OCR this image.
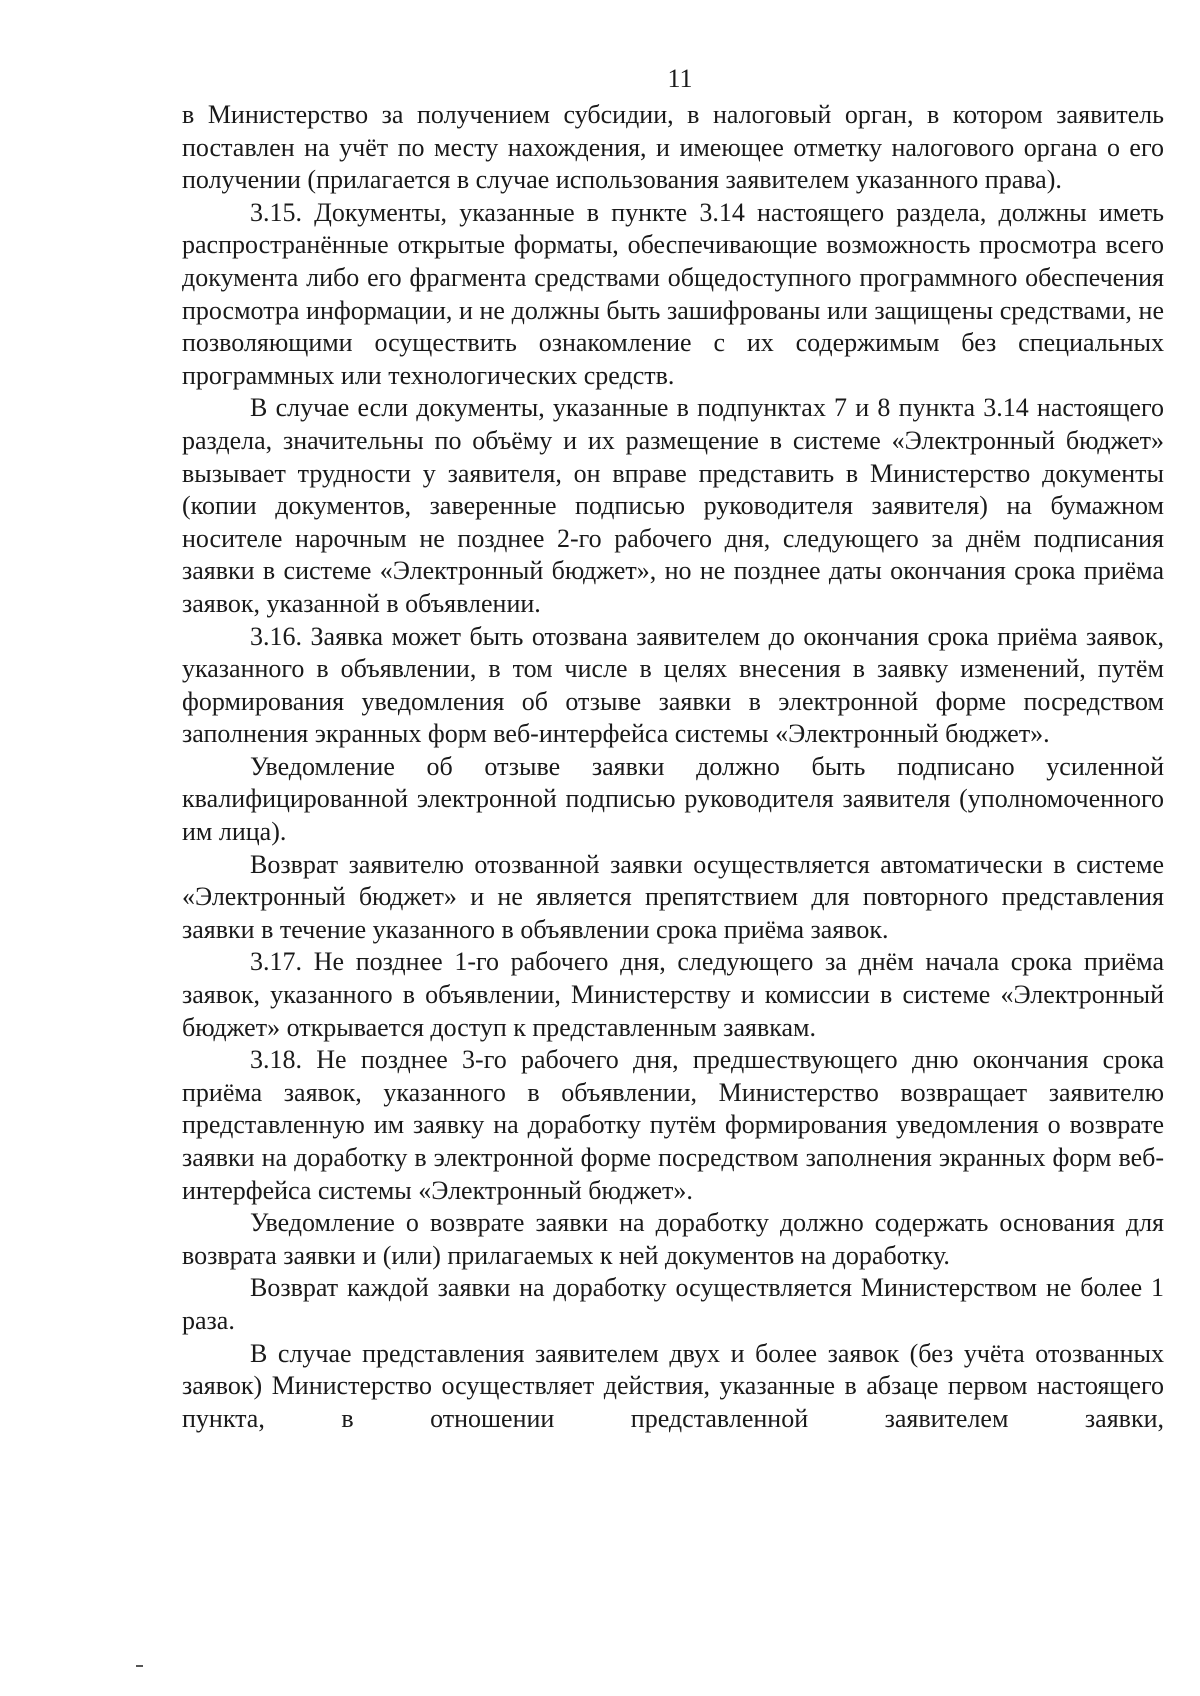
11

в Министерство за получением субсидии, в налоговый орган, в котором заявитель поставлен на учёт по месту нахождения, и имеющее отметку налогового органа о его получении (прилагается в случае использования заявителем указанного права).

3.15. Документы, указанные в пункте 3.14 настоящего раздела, должны иметь распространённые открытые форматы, обеспечивающие возможность просмотра всего документа либо его фрагмента средствами общедоступного программного обеспечения просмотра информации, и не должны быть зашифрованы или защищены средствами, не позволяющими осуществить ознакомление с их содержимым без специальных программных или технологических средств.

В случае если документы, указанные в подпунктах 7 и 8 пункта 3.14 настоящего раздела, значительны по объёму и их размещение в системе «Электронный бюджет» вызывает трудности у заявителя, он вправе представить в Министерство документы (копии документов, заверенные подписью руководителя заявителя) на бумажном носителе нарочным не позднее 2-го рабочего дня, следующего за днём подписания заявки в системе «Электронный бюджет», но не позднее даты окончания срока приёма заявок, указанной в объявлении.

3.16. Заявка может быть отозвана заявителем до окончания срока приёма заявок, указанного в объявлении, в том числе в целях внесения в заявку изменений, путём формирования уведомления об отзыве заявки в электронной форме посредством заполнения экранных форм веб-интерфейса системы «Электронный бюджет».

Уведомление об отзыве заявки должно быть подписано усиленной квалифицированной электронной подписью руководителя заявителя (уполномоченного им лица).

Возврат заявителю отозванной заявки осуществляется автоматически в системе «Электронный бюджет» и не является препятствием для повторного представления заявки в течение указанного в объявлении срока приёма заявок.

3.17. Не позднее 1-го рабочего дня, следующего за днём начала срока приёма заявок, указанного в объявлении, Министерству и комиссии в системе «Электронный бюджет» открывается доступ к представленным заявкам.

3.18. Не позднее 3-го рабочего дня, предшествующего дню окончания срока приёма заявок, указанного в объявлении, Министерство возвращает заявителю представленную им заявку на доработку путём формирования уведомления о возврате заявки на доработку в электронной форме посредством заполнения экранных форм веб-интерфейса системы «Электронный бюджет».

Уведомление о возврате заявки на доработку должно содержать основания для возврата заявки и (или) прилагаемых к ней документов на доработку.

Возврат каждой заявки на доработку осуществляется Министерством не более 1 раза.

В случае представления заявителем двух и более заявок (без учёта отозванных заявок) Министерство осуществляет действия, указанные в абзаце первом настоящего пункта, в отношении представленной заявителем заявки,
